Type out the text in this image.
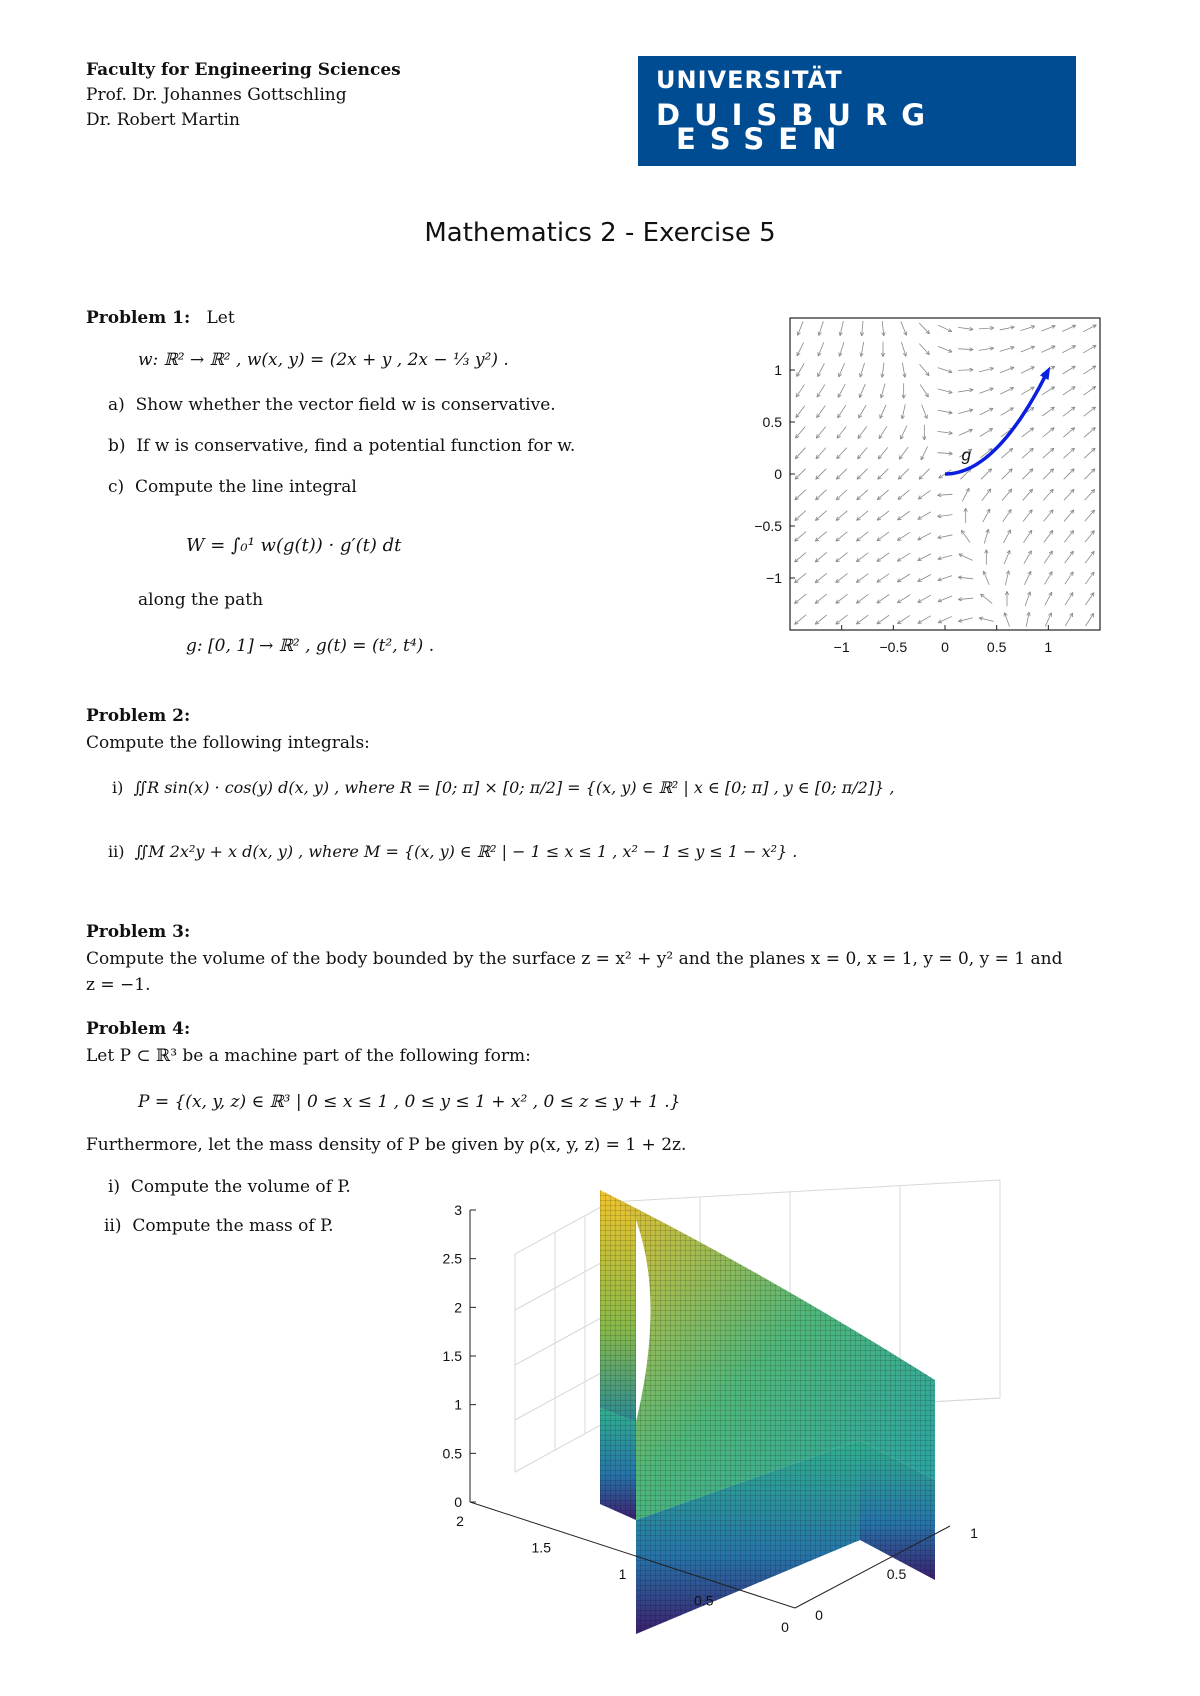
Faculty for Engineering Sciences
Prof. Dr. Johannes Gottschling
Dr. Robert Martin
UNIVERSITÄT
DUISBURG
ESSEN
Mathematics 2 - Exercise 5
Problem 1: Let
w: ℝ² → ℝ² , w(x, y) = (2x + y , 2x − ⅓ y²) .
a) Show whether the vector field w is conservative.
b) If w is conservative, find a potential function for w.
c) Compute the line integral
W = ∫₀¹ w(g(t)) · g′(t) dt
along the path
g: [0, 1] → ℝ² , g(t) = (t², t⁴) .
g
−1 −0.5 0	0.5	1
1
0.5
0
−0.5
−1
Problem 2:
Compute the following integrals:
i) ∬R sin(x) · cos(y) d(x, y) , where R = [0; π] × [0; π/2] = {(x, y) ∈ ℝ² | x ∈ [0; π] , y ∈ [0; π/2]} ,
ii) ∬M 2x²y + x d(x, y) , where M = {(x, y) ∈ ℝ² | − 1 ≤ x ≤ 1 , x² − 1 ≤ y ≤ 1 − x²} .
Problem 3:
Compute the volume of the body bounded by the surface z = x² + y² and the planes x = 0, x = 1, y = 0, y = 1 and
z = −1.
Problem 4:
Let P ⊂ ℝ³ be a machine part of the following form:
P = {(x, y, z) ∈ ℝ³ | 0 ≤ x ≤ 1 , 0 ≤ y ≤ 1 + x² , 0 ≤ z ≤ y + 1 .}
Furthermore, let the mass density of P be given by ρ(x, y, z) = 1 + 2z.
i) Compute the volume of P.
ii) Compute the mass of P.
0
0.5
1
1.5
2
2.5
3
2
1.5
1
0.5
0
0
0.5
1
